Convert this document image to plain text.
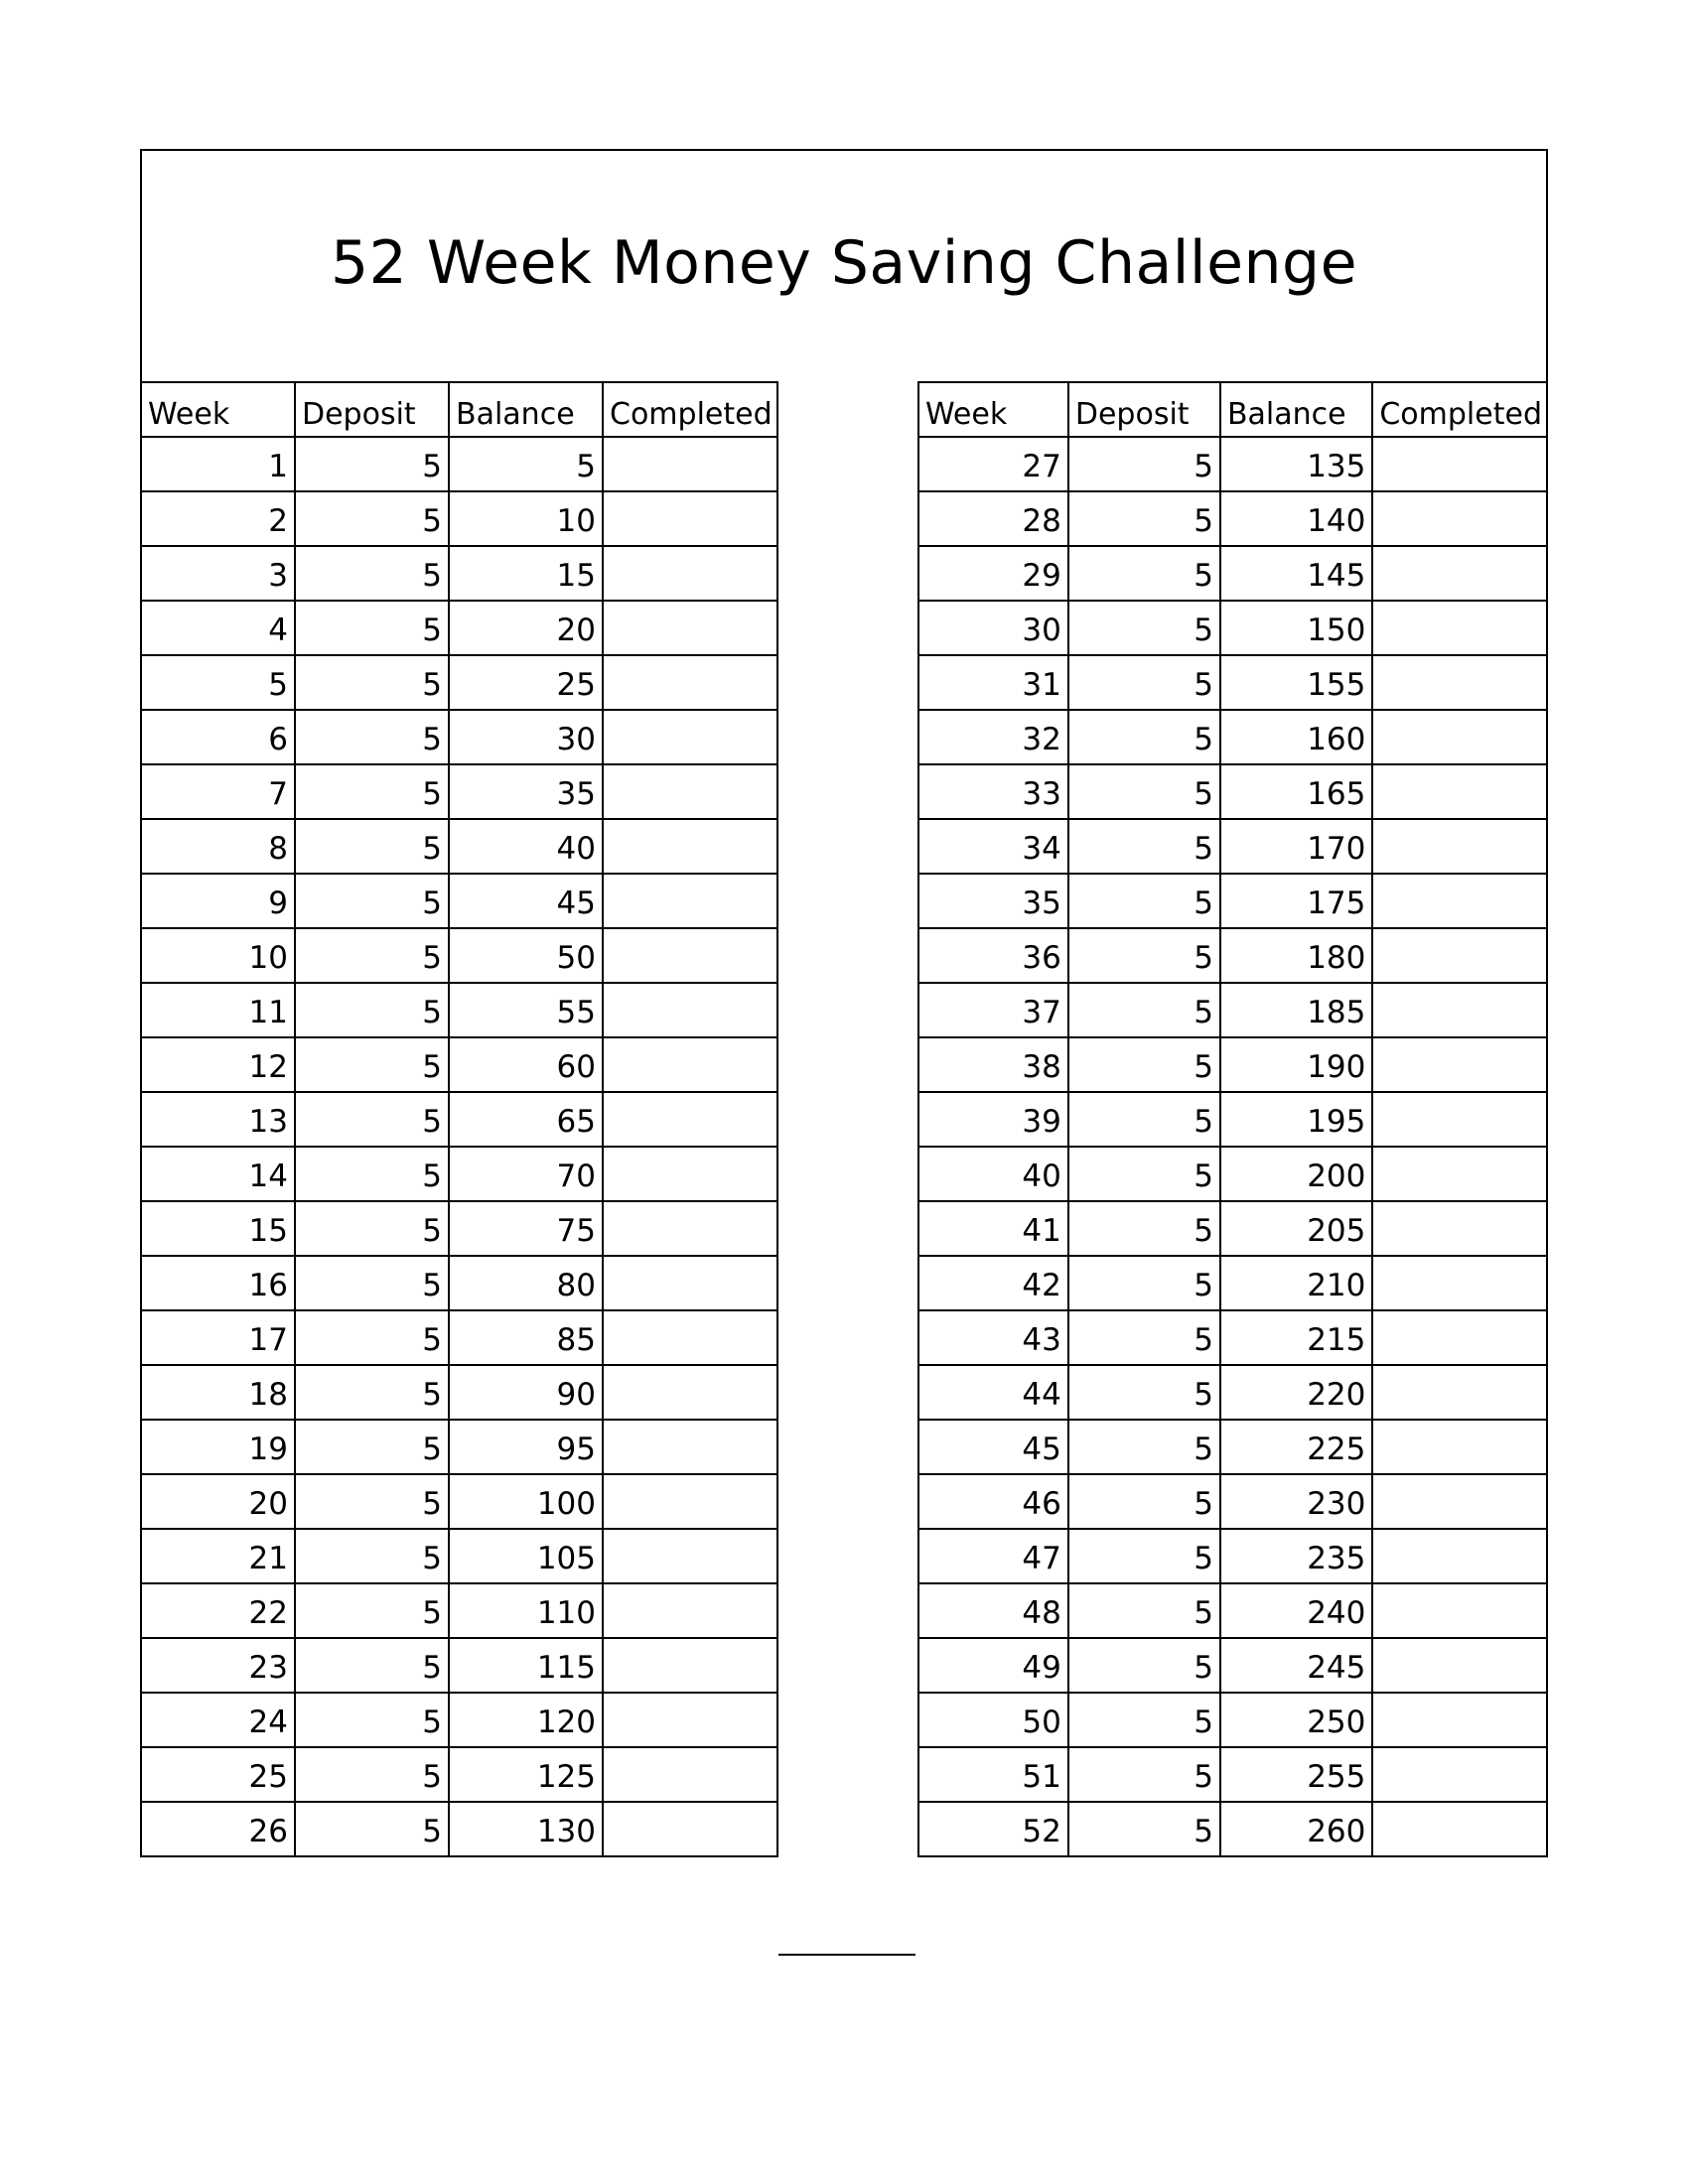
52 Week Money Saving Challenge
Week	Deposit	Balance	Completed
1	5	5	
2	5	10	
3	5	15	
4	5	20	
5	5	25	
6	5	30	
7	5	35	
8	5	40	
9	5	45	
10	5	50	
11	5	55	
12	5	60	
13	5	65	
14	5	70	
15	5	75	
16	5	80	
17	5	85	
18	5	90	
19	5	95	
20	5	100	
21	5	105	
22	5	110	
23	5	115	
24	5	120	
25	5	125	
26	5	130	
Week	Deposit	Balance	Completed
27	5	135	
28	5	140	
29	5	145	
30	5	150	
31	5	155	
32	5	160	
33	5	165	
34	5	170	
35	5	175	
36	5	180	
37	5	185	
38	5	190	
39	5	195	
40	5	200	
41	5	205	
42	5	210	
43	5	215	
44	5	220	
45	5	225	
46	5	230	
47	5	235	
48	5	240	
49	5	245	
50	5	250	
51	5	255	
52	5	260	
